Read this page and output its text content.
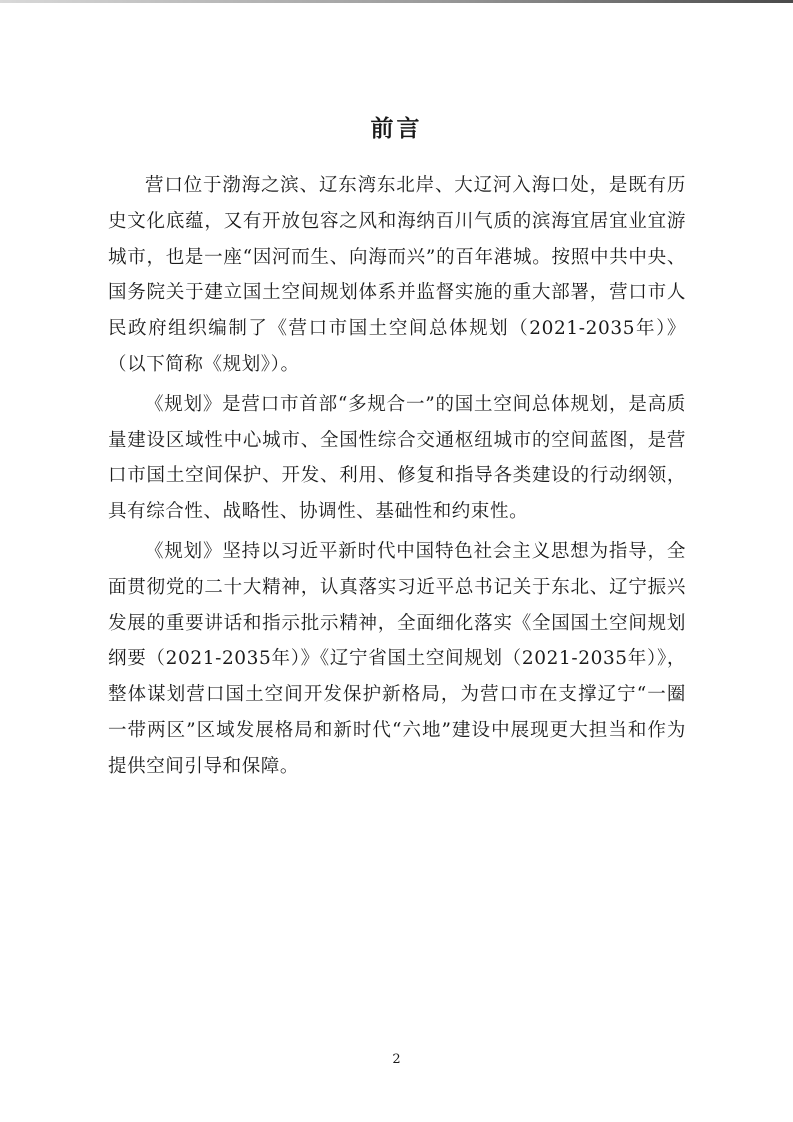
前言

营口位于渤海之滨、辽东湾东北岸、大辽河入海口处，是既有历史文化底蕴，又有开放包容之风和海纳百川气质的滨海宜居宜业宜游城市，也是一座“因河而生、向海而兴”的百年港城。按照中共中央、国务院关于建立国土空间规划体系并监督实施的重大部署，营口市人民政府组织编制了《营口市国土空间总体规划（2021-2035年）》（以下简称《规划》）。

《规划》是营口市首部“多规合一”的国土空间总体规划，是高质量建设区域性中心城市、全国性综合交通枢纽城市的空间蓝图，是营口市国土空间保护、开发、利用、修复和指导各类建设的行动纲领，具有综合性、战略性、协调性、基础性和约束性。

《规划》坚持以习近平新时代中国特色社会主义思想为指导，全面贯彻党的二十大精神，认真落实习近平总书记关于东北、辽宁振兴发展的重要讲话和指示批示精神，全面细化落实《全国国土空间规划纲要（2021-2035年）》《辽宁省国土空间规划（2021-2035年）》，整体谋划营口国土空间开发保护新格局，为营口市在支撑辽宁“一圈一带两区”区域发展格局和新时代“六地”建设中展现更大担当和作为提供空间引导和保障。

2
